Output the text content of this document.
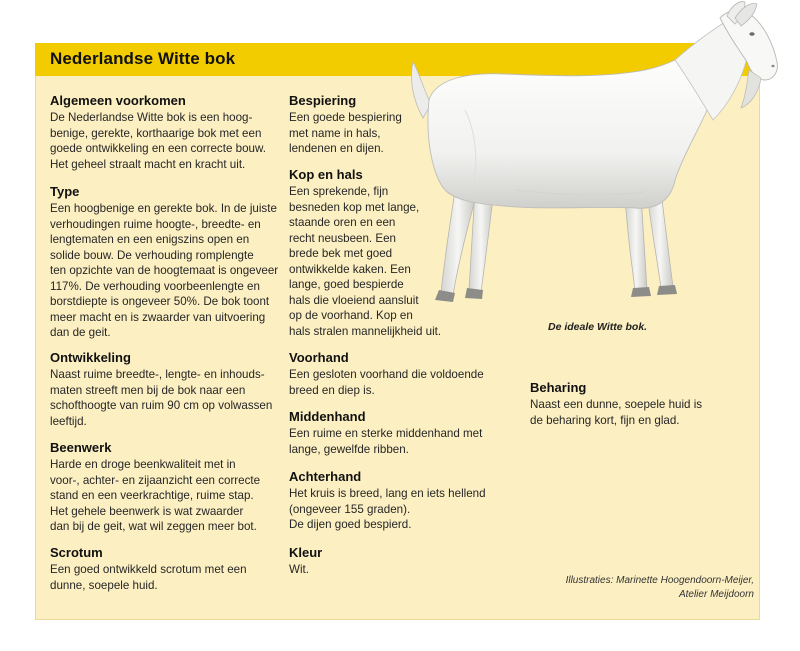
Nederlandse Witte bok
De ideale Witte bok.
Algemeen voorkomen

De Nederlandse Witte bok is een hoog-
benige, gerekte, korthaarige bok met een
goede ontwikkeling en een correcte bouw.
Het geheel straalt macht en kracht uit.

Type

Een hoogbenige en gerekte bok. In de juiste
verhoudingen ruime hoogte-, breedte- en
lengtematen en een enigszins open en
solide bouw. De verhouding romplengte
ten opzichte van de hoogtemaat is ongeveer
117%. De verhouding voorbeenlengte en
borstdiepte is ongeveer 50%. De bok toont
meer macht en is zwaarder van uitvoering
dan de geit.

Ontwikkeling

Naast ruime breedte-, lengte- en inhouds-
maten streeft men bij de bok naar een
schofthoogte van ruim 90 cm op volwassen
leeftijd.

Beenwerk

Harde en droge beenkwaliteit met in
voor-, achter- en zijaanzicht een correcte
stand en een veerkrachtige, ruime stap.
Het gehele beenwerk is wat zwaarder
dan bij de geit, wat wil zeggen meer bot.

Scrotum

Een goed ontwikkeld scrotum met een
dunne, soepele huid.

Bespiering

Een goede bespiering
met name in hals,
lendenen en dijen.

Kop en hals

Een sprekende, fijn
besneden kop met lange,
staande oren en een
recht neusbeen. Een
brede bek met goed
ontwikkelde kaken. Een
lange, goed bespierde
hals die vloeiend aansluit
op de voorhand. Kop en
hals stralen mannelijkheid uit.

Voorhand

Een gesloten voorhand die voldoende
breed en diep is.

Middenhand

Een ruime en sterke middenhand met
lange, gewelfde ribben.

Achterhand

Het kruis is breed, lang en iets hellend
(ongeveer 155 graden).
De dijen goed bespierd.

Kleur

Wit.

Beharing

Naast een dunne, soepele huid is
de beharing kort, fijn en glad.

Illustraties: Marinette Hoogendoorn-Meijer,
Atelier Meijdoorn
